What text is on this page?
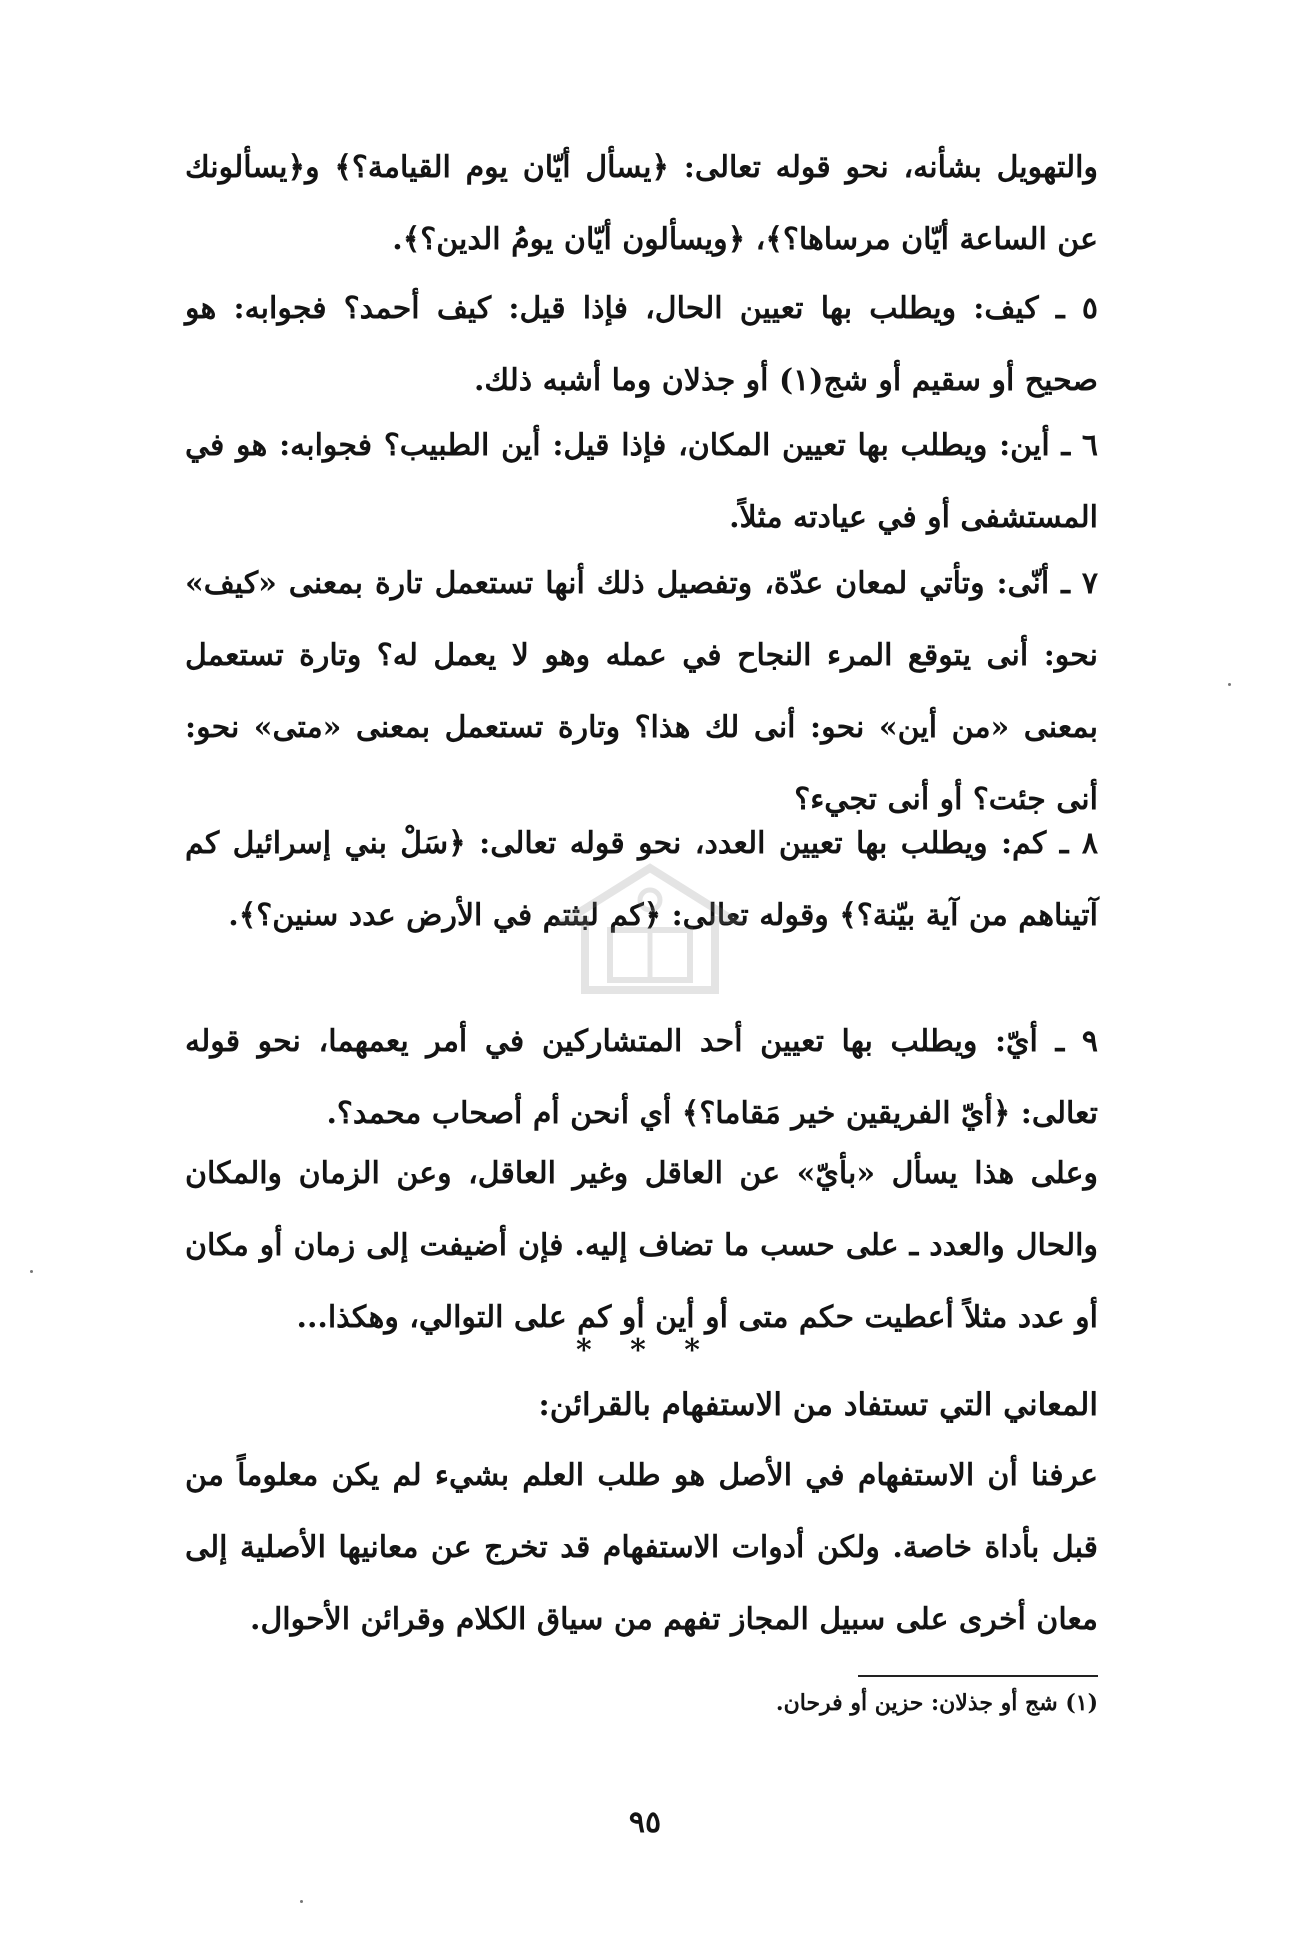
والتهويل بشأنه، نحو قوله تعالى: ﴿يسأل أيّان يوم القيامة؟﴾ و﴿يسألونك عن الساعة أيّان مرساها؟﴾، ﴿ويسألون أيّان يومُ الدين؟﴾.

٥ ـ كيف: ويطلب بها تعيين الحال، فإذا قيل: كيف أحمد؟ فجوابه: هو صحيح أو سقيم أو شج(١) أو جذلان وما أشبه ذلك.

٦ ـ أين: ويطلب بها تعيين المكان، فإذا قيل: أين الطبيب؟ فجوابه: هو في المستشفى أو في عيادته مثلاً.

٧ ـ أنّى: وتأتي لمعان عدّة، وتفصيل ذلك أنها تستعمل تارة بمعنى «كيف» نحو: أنى يتوقع المرء النجاح في عمله وهو لا يعمل له؟ وتارة تستعمل بمعنى «من أين» نحو: أنى لك هذا؟ وتارة تستعمل بمعنى «متى» نحو: أنى جئت؟ أو أنى تجيء؟

٨ ـ كم: ويطلب بها تعيين العدد، نحو قوله تعالى: ﴿سَلْ بني إسرائيل كم آتيناهم من آية بيّنة؟﴾ وقوله تعالى: ﴿كم لبثتم في الأرض عدد سنين؟﴾.

٩ ـ أيّ: ويطلب بها تعيين أحد المتشاركين في أمر يعمهما، نحو قوله تعالى: ﴿أيّ الفريقين خير مَقاما؟﴾ أي أنحن أم أصحاب محمد؟.

وعلى هذا يسأل «بأيّ» عن العاقل وغير العاقل، وعن الزمان والمكان والحال والعدد ـ على حسب ما تضاف إليه. فإن أضيفت إلى زمان أو مكان أو عدد مثلاً أعطيت حكم متى أو أين أو كم على التوالي، وهكذا...

* * *
المعاني التي تستفاد من الاستفهام بالقرائن:

عرفنا أن الاستفهام في الأصل هو طلب العلم بشيء لم يكن معلوماً من قبل بأداة خاصة. ولكن أدوات الاستفهام قد تخرج عن معانيها الأصلية إلى معان أخرى على سبيل المجاز تفهم من سياق الكلام وقرائن الأحوال.

(١) شج أو جذلان: حزين أو فرحان.

٩٥
